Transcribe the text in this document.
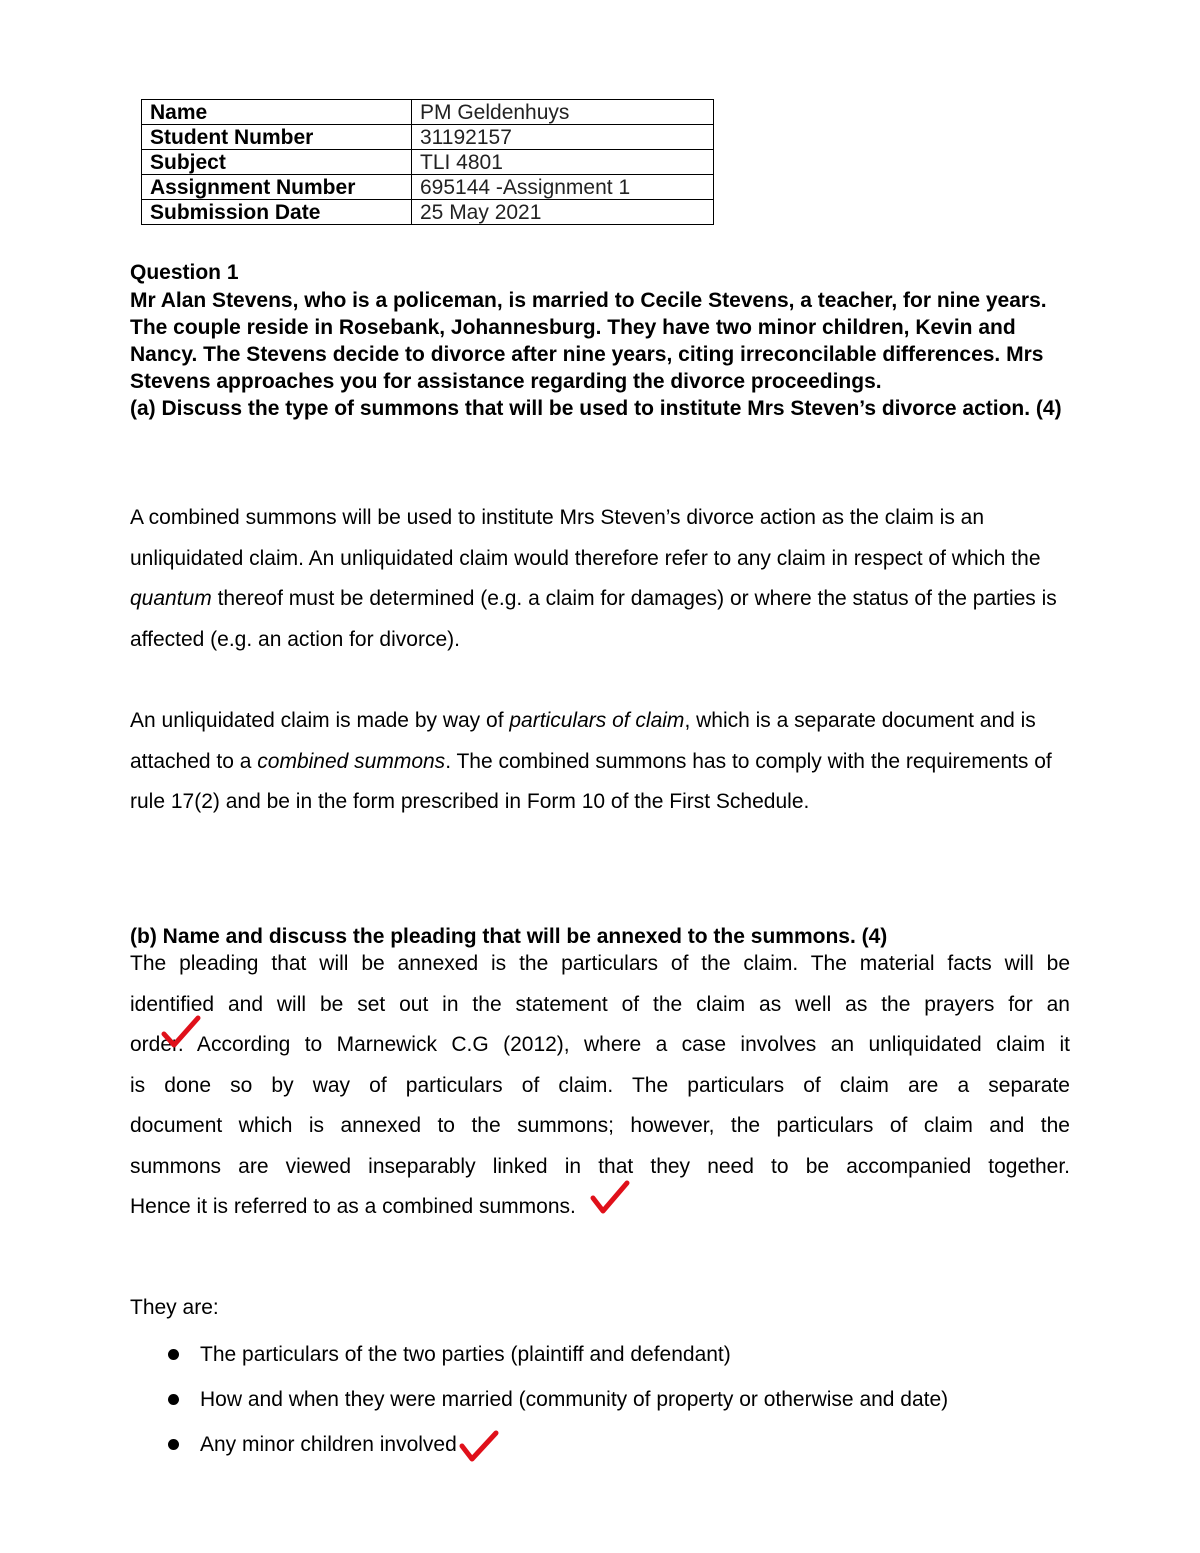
Name	PM Geldenhuys
Student Number	31192157
Subject	TLI 4801
Assignment Number	695144 -Assignment 1
Submission Date	25 May 2021

Question 1

Mr Alan Stevens, who is a policeman, is married to Cecile Stevens, a teacher, for nine years. The couple reside in Rosebank, Johannesburg. They have two minor children, Kevin and Nancy. The Stevens decide to divorce after nine years, citing irreconcilable differences. Mrs Stevens approaches you for assistance regarding the divorce proceedings.
(a) Discuss the type of summons that will be used to institute Mrs Steven’s divorce action. (4)

A combined summons will be used to institute Mrs Steven’s divorce action as the claim is an unliquidated claim. An unliquidated claim would therefore refer to any claim in respect of which the quantum thereof must be determined (e.g. a claim for damages) or where the status of the parties is affected (e.g. an action for divorce).

An unliquidated claim is made by way of particulars of claim, which is a separate document and is attached to a combined summons. The combined summons has to comply with the requirements of rule 17(2) and be in the form prescribed in Form 10 of the First Schedule.

(b) Name and discuss the pleading that will be annexed to the summons. (4)

The pleading that will be annexed is the particulars of the claim. The material facts will be
identified and will be set out in the statement of the claim as well as the prayers for an
order. According to Marnewick C.G (2012), where a case involves an unliquidated claim it
is done so by way of particulars of claim. The particulars of claim are a separate
document which is annexed to the summons; however, the particulars of claim and the
summons are viewed inseparably linked in that they need to be accompanied together.
Hence it is referred to as a combined summons.

They are:

The particulars of the two parties (plaintiff and defendant)
How and when they were married (community of property or otherwise and date)
Any minor children involved
